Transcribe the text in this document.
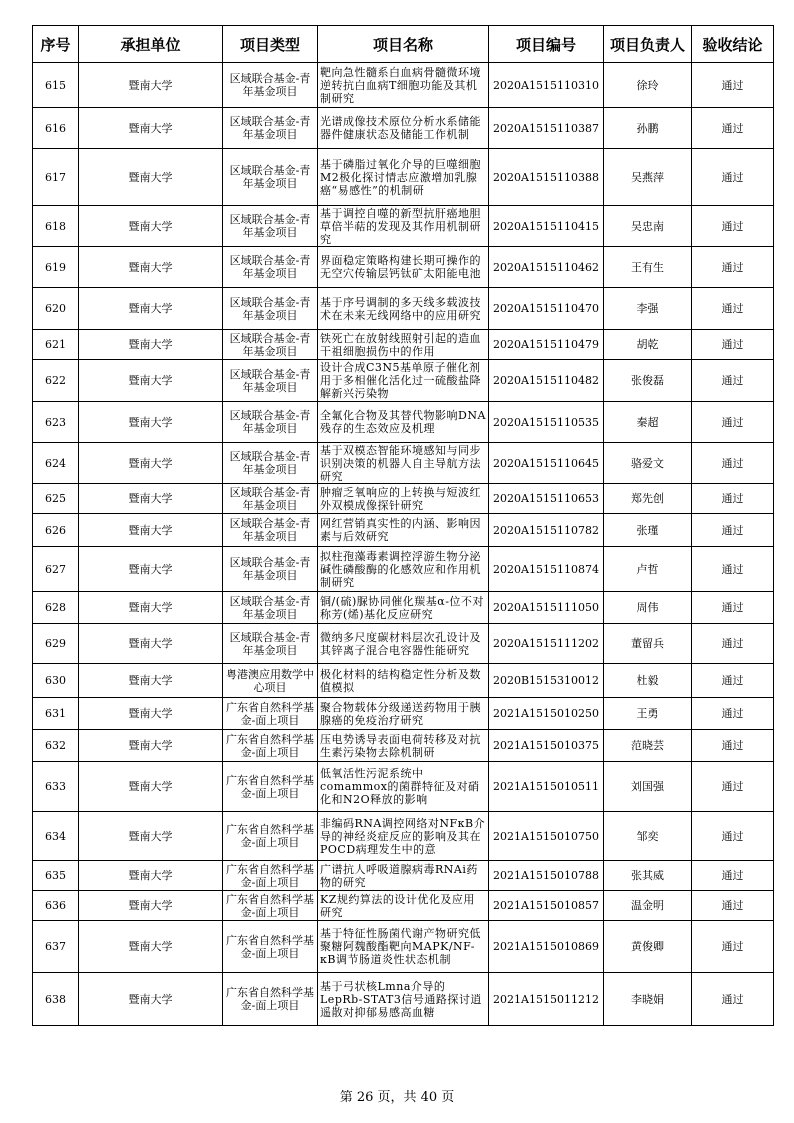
序号	承担单位	项目类型	项目名称	项目编号	项目负责人	验收结论
615	暨南大学	区域联合基金-青年基金项目	靶向急性髓系白血病骨髓微环境逆转抗白血病T细胞功能及其机制研究	2020A1515110310	徐玲	通过
616	暨南大学	区域联合基金-青年基金项目	光谱成像技术原位分析水系储能器件健康状态及储能工作机制	2020A1515110387	孙鹏	通过
617	暨南大学	区域联合基金-青年基金项目	基于磷脂过氧化介导的巨噬细胞M2极化探讨情志应激增加乳腺癌“易感性”的机制研	2020A1515110388	吴燕萍	通过
618	暨南大学	区域联合基金-青年基金项目	基于调控自噬的新型抗肝癌地胆草倍半萜的发现及其作用机制研究	2020A1515110415	吴忠南	通过
619	暨南大学	区域联合基金-青年基金项目	界面稳定策略构建长期可操作的无空穴传输层钙钛矿太阳能电池	2020A1515110462	王有生	通过
620	暨南大学	区域联合基金-青年基金项目	基于序号调制的多天线多载波技术在未来无线网络中的应用研究	2020A1515110470	李强	通过
621	暨南大学	区域联合基金-青年基金项目	铁死亡在放射线照射引起的造血干祖细胞损伤中的作用	2020A1515110479	胡乾	通过
622	暨南大学	区域联合基金-青年基金项目	设计合成C3N5基单原子催化剂用于多相催化活化过一硫酸盐降解新兴污染物	2020A1515110482	张俊磊	通过
623	暨南大学	区域联合基金-青年基金项目	全氟化合物及其替代物影响DNA残存的生态效应及机理	2020A1515110535	秦超	通过
624	暨南大学	区域联合基金-青年基金项目	基于双模态智能环境感知与同步识别决策的机器人自主导航方法研究	2020A1515110645	骆爱文	通过
625	暨南大学	区域联合基金-青年基金项目	肿瘤乏氧响应的上转换与短波红外双模成像探针研究	2020A1515110653	郑先创	通过
626	暨南大学	区域联合基金-青年基金项目	网红营销真实性的内涵、影响因素与后效研究	2020A1515110782	张瑾	通过
627	暨南大学	区域联合基金-青年基金项目	拟柱孢藻毒素调控浮游生物分泌碱性磷酸酶的化感效应和作用机制研究	2020A1515110874	卢哲	通过
628	暨南大学	区域联合基金-青年基金项目	铜/(硫)脲协同催化羰基α-位不对称芳(烯)基化反应研究	2020A1515111050	周伟	通过
629	暨南大学	区域联合基金-青年基金项目	微纳多尺度碳材料层次孔设计及其锌离子混合电容器性能研究	2020A1515111202	董留兵	通过
630	暨南大学	粤港澳应用数学中心项目	极化材料的结构稳定性分析及数值模拟	2020B1515310012	杜毅	通过
631	暨南大学	广东省自然科学基金-面上项目	聚合物载体分级递送药物用于胰腺癌的免疫治疗研究	2021A1515010250	王勇	通过
632	暨南大学	广东省自然科学基金-面上项目	压电势诱导表面电荷转移及对抗生素污染物去除机制研	2021A1515010375	范晓芸	通过
633	暨南大学	广东省自然科学基金-面上项目	低氧活性污泥系统中comammox的菌群特征及对硝化和N2O释放的影响	2021A1515010511	刘国强	通过
634	暨南大学	广东省自然科学基金-面上项目	非编码RNA调控网络对NFκB介导的神经炎症反应的影响及其在POCD病理发生中的意	2021A1515010750	邹奕	通过
635	暨南大学	广东省自然科学基金-面上项目	广谱抗人呼吸道腺病毒RNAi药物的研究	2021A1515010788	张其威	通过
636	暨南大学	广东省自然科学基金-面上项目	KZ规约算法的设计优化及应用研究	2021A1515010857	温金明	通过
637	暨南大学	广东省自然科学基金-面上项目	基于特征性肠菌代谢产物研究低聚糖阿魏酸酯靶向MAPK/NF-κB调节肠道炎性状态机制	2021A1515010869	黄俊卿	通过
638	暨南大学	广东省自然科学基金-面上项目	基于弓状核Lmna介导的LepRb-STAT3信号通路探讨逍遥散对抑郁易感高血糖	2021A1515011212	李晓娟	通过
第 26 页，共 40 页
